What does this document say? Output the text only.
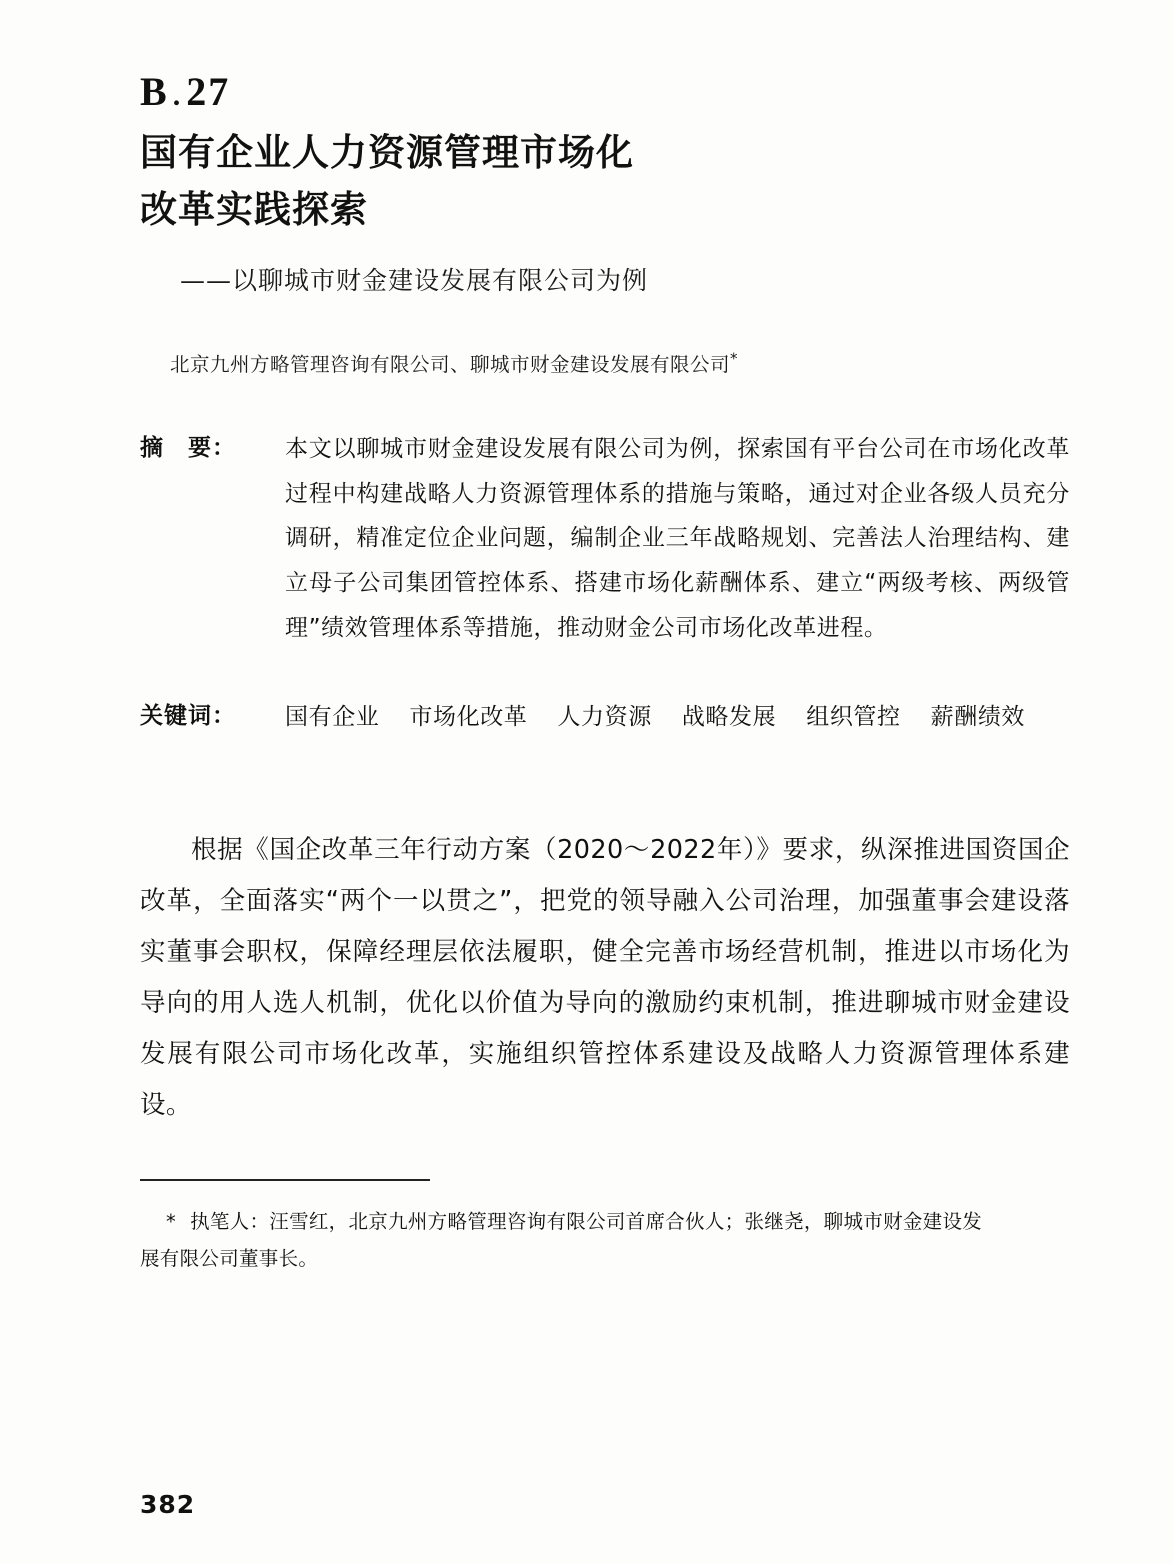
B . 27
国有企业人力资源管理市场化
改革实践探索
——以聊城市财金建设发展有限公司为例
北京九州方略管理咨询有限公司、聊城市财金建设发展有限公司*
摘　要：	本文以聊城市财金建设发展有限公司为例，探索国有平台公司在市场化改革过程中构建战略人力资源管理体系的措施与策略，通过对企业各级人员充分调研，精准定位企业问题，编制企业三年战略规划、完善法人治理结构、建立母子公司集团管控体系、搭建市场化薪酬体系、建立“两级考核、两级管理”绩效管理体系等措施，推动财金公司市场化改革进程。
关键词：	国有企业 市场化改革 人力资源 战略发展 组织管控 薪酬绩效

根据《国企改革三年行动方案（2020～2022年）》要求，纵深推进国资国企改革，全面落实“两个一以贯之”，把党的领导融入公司治理，加强董事会建设落实董事会职权，保障经理层依法履职，健全完善市场经营机制，推进以市场化为导向的用人选人机制，优化以价值为导向的激励约束机制，推进聊城市财金建设发展有限公司市场化改革，实施组织管控体系建设及战略人力资源管理体系建设。

* 执笔人：汪雪红，北京九州方略管理咨询有限公司首席合伙人；张继尧，聊城市财金建设发
展有限公司董事长。
382
